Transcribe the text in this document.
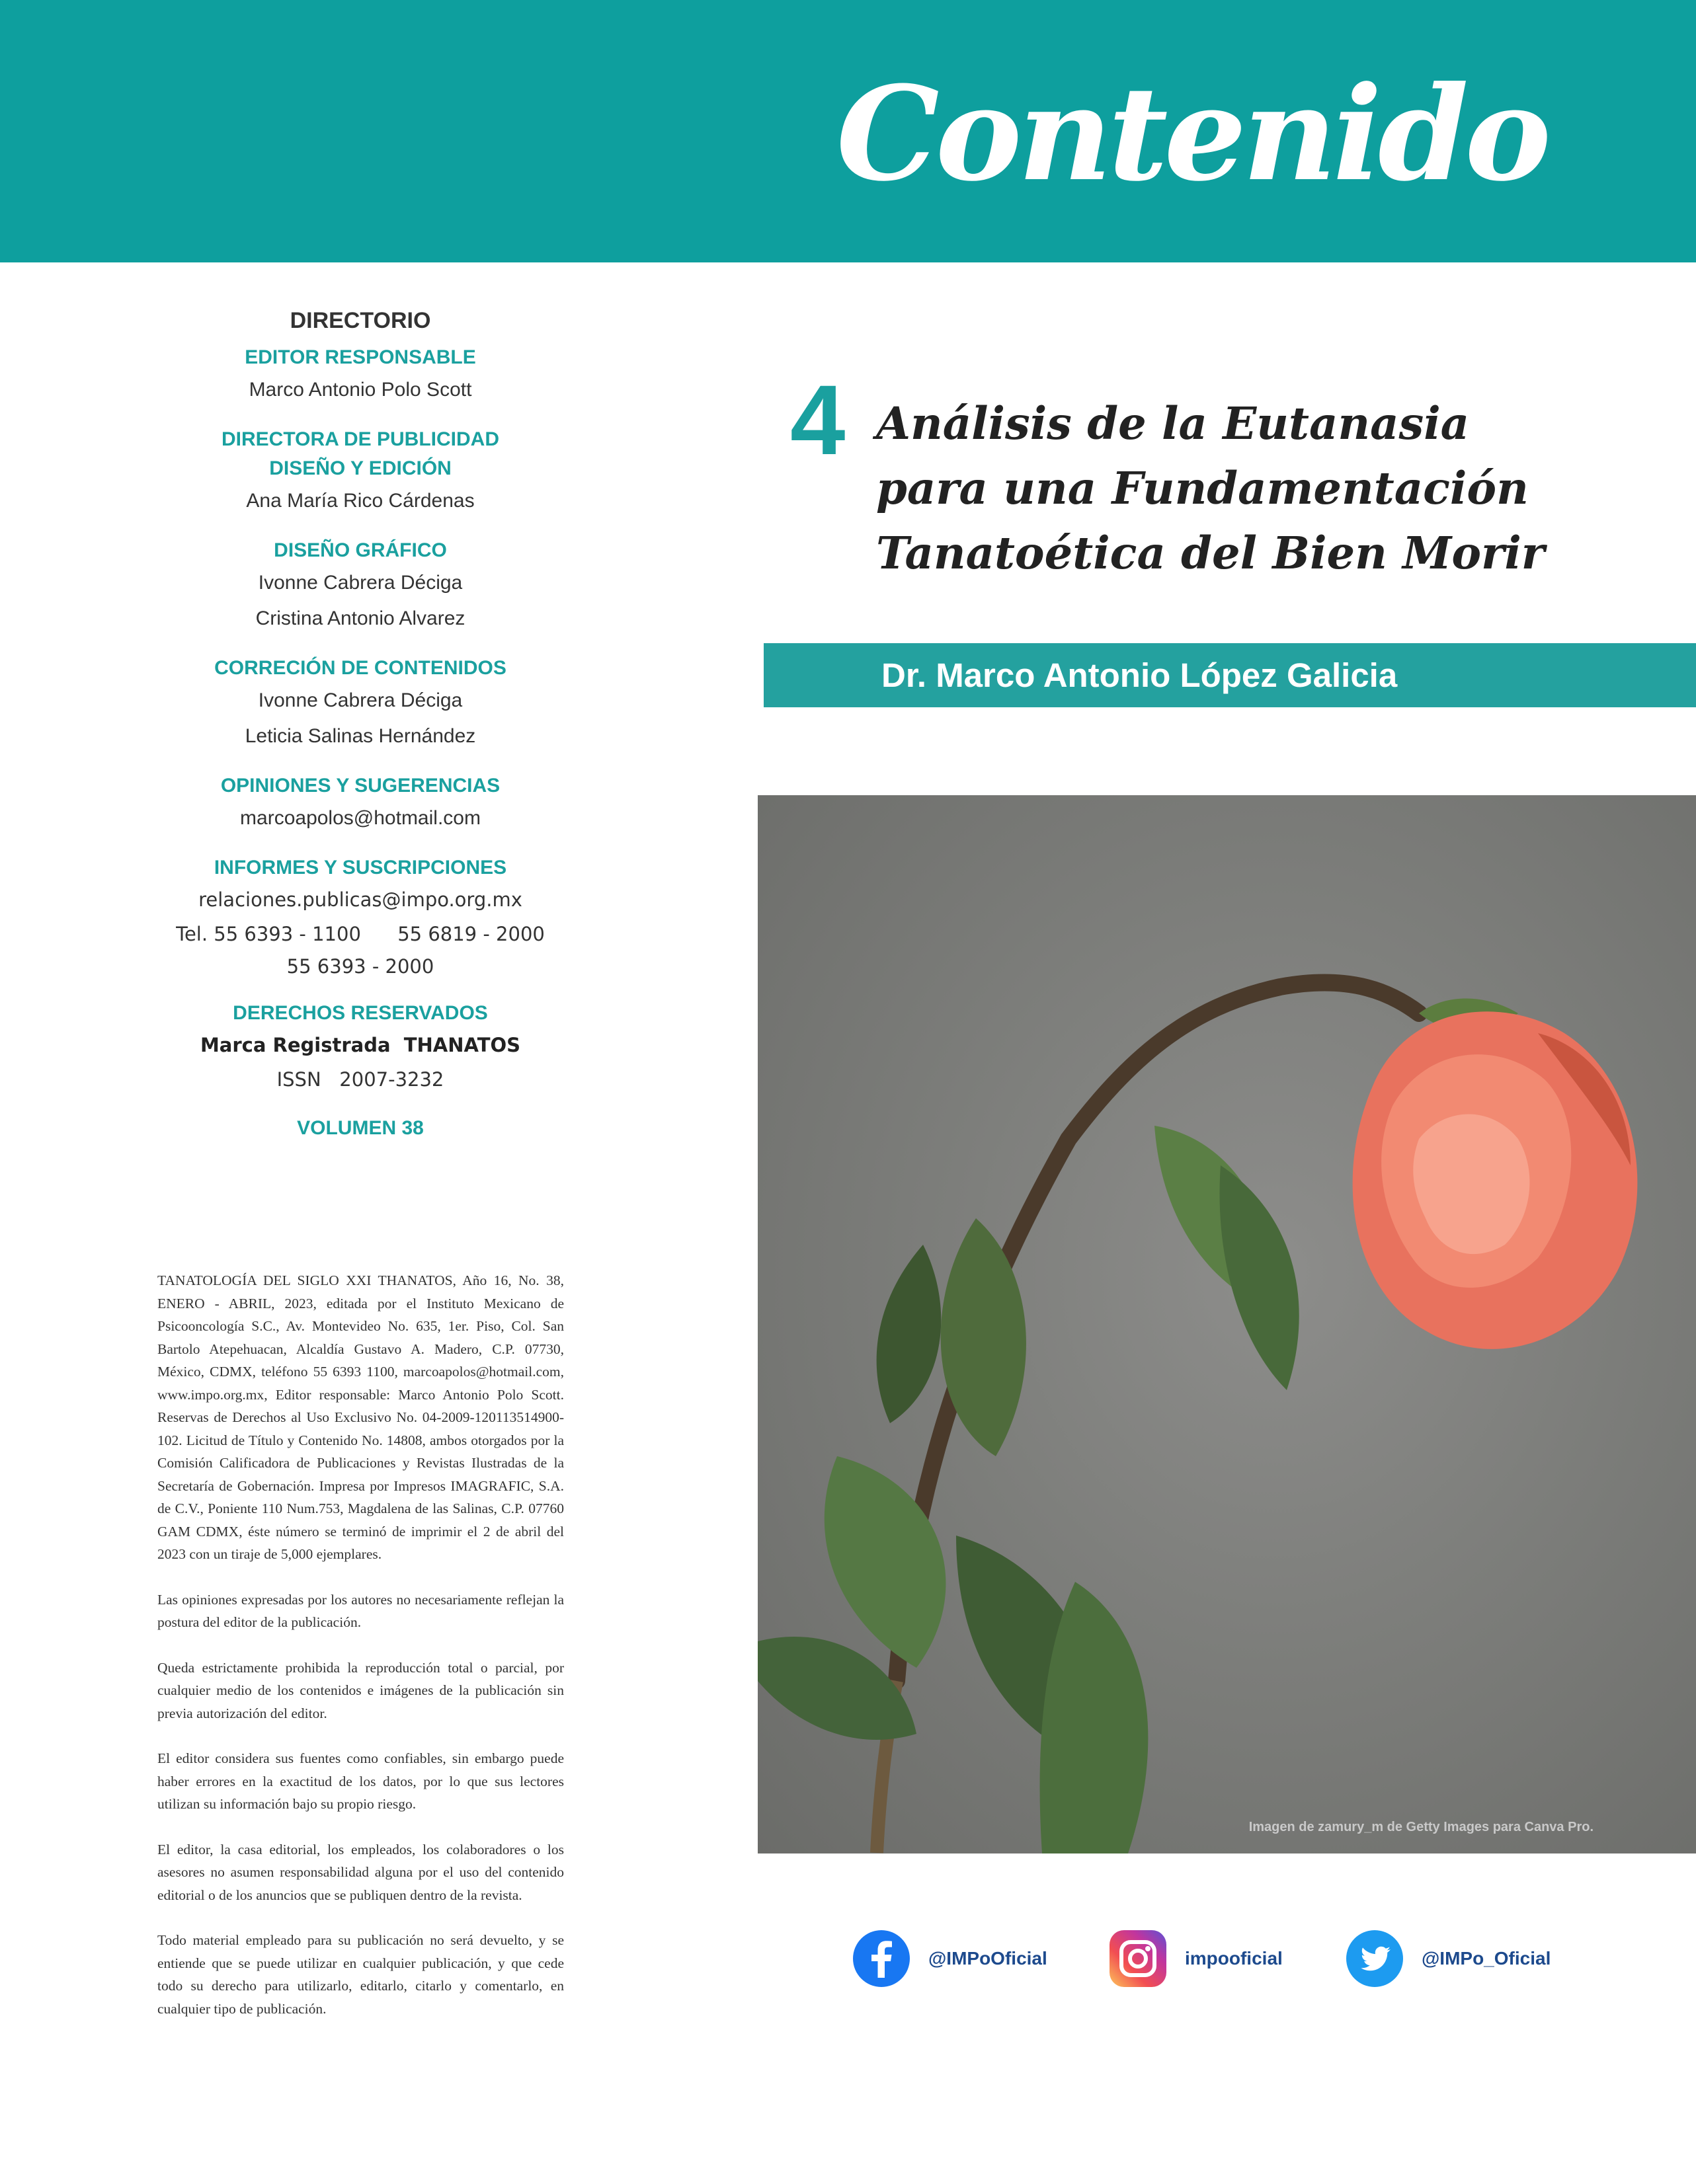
Contenido
DIRECTORIO
EDITOR RESPONSABLE
Marco Antonio Polo Scott
DIRECTORA DE PUBLICIDAD
DISEÑO Y EDICIÓN
Ana María Rico Cárdenas
DISEÑO GRÁFICO
Ivonne Cabrera Déciga
Cristina Antonio Alvarez
CORRECIÓN DE CONTENIDOS
Ivonne Cabrera Déciga
Leticia Salinas Hernández
OPINIONES Y SUGERENCIAS
marcoapolos@hotmail.com
INFORMES Y SUSCRIPCIONES
relaciones.publicas@impo.org.mx
Tel. 55 6393 - 1100      55 6819 - 2000
55 6393 - 2000
DERECHOS RESERVADOS
Marca Registrada  THANATOS
ISSN   2007-3232
VOLUMEN 38

TANATOLOGÍA DEL SIGLO XXI THANATOS, Año 16, No. 38, ENERO - ABRIL, 2023, editada por el Instituto Mexicano de Psicooncología S.C., Av. Montevideo No. 635, 1er. Piso, Col. San Bartolo Atepehuacan, Alcaldía Gustavo A. Madero, C.P. 07730, México, CDMX, teléfono 55 6393 1100, marcoapolos@hotmail.com, www.impo.org.mx, Editor responsable: Marco Antonio Polo Scott. Reservas de Derechos al Uso Exclusivo No. 04-2009-120113514900-102. Licitud de Título y Contenido No. 14808, ambos otorgados por la Comisión Calificadora de Publicaciones y Revistas Ilustradas de la Secretaría de Gobernación. Impresa por Impresos IMAGRAFIC, S.A. de C.V., Poniente 110 Num.753, Magdalena de las Salinas, C.P. 07760 GAM CDMX, éste número se terminó de imprimir el 2 de abril del 2023 con un tiraje de 5,000 ejemplares.

Las opiniones expresadas por los autores no necesariamente reflejan la postura del editor de la publicación.

Queda estrictamente prohibida la reproducción total o parcial, por cualquier medio de los contenidos e imágenes de la publicación sin previa autorización del editor.

El editor considera sus fuentes como confiables, sin embargo puede haber errores en la exactitud de los datos, por lo que sus lectores utilizan su información bajo su propio riesgo.

El editor, la casa editorial, los empleados, los colaboradores o los asesores no asumen responsabilidad alguna por el uso del contenido editorial o de los anuncios que se publiquen dentro de la revista.

Todo material empleado para su publicación no será devuelto, y se entiende que se puede utilizar en cualquier publicación, y que cede todo su derecho para utilizarlo, editarlo, citarlo y comentarlo, en cualquier tipo de publicación.

4 Análisis de la Eutanasia
para una Fundamentación
Tanatoética del Bien Morir
Dr. Marco Antonio López Galicia
Imagen de zamury_m de Getty Images para Canva Pro.
@IMPoOficial	impooficial	@IMPo_Oficial
